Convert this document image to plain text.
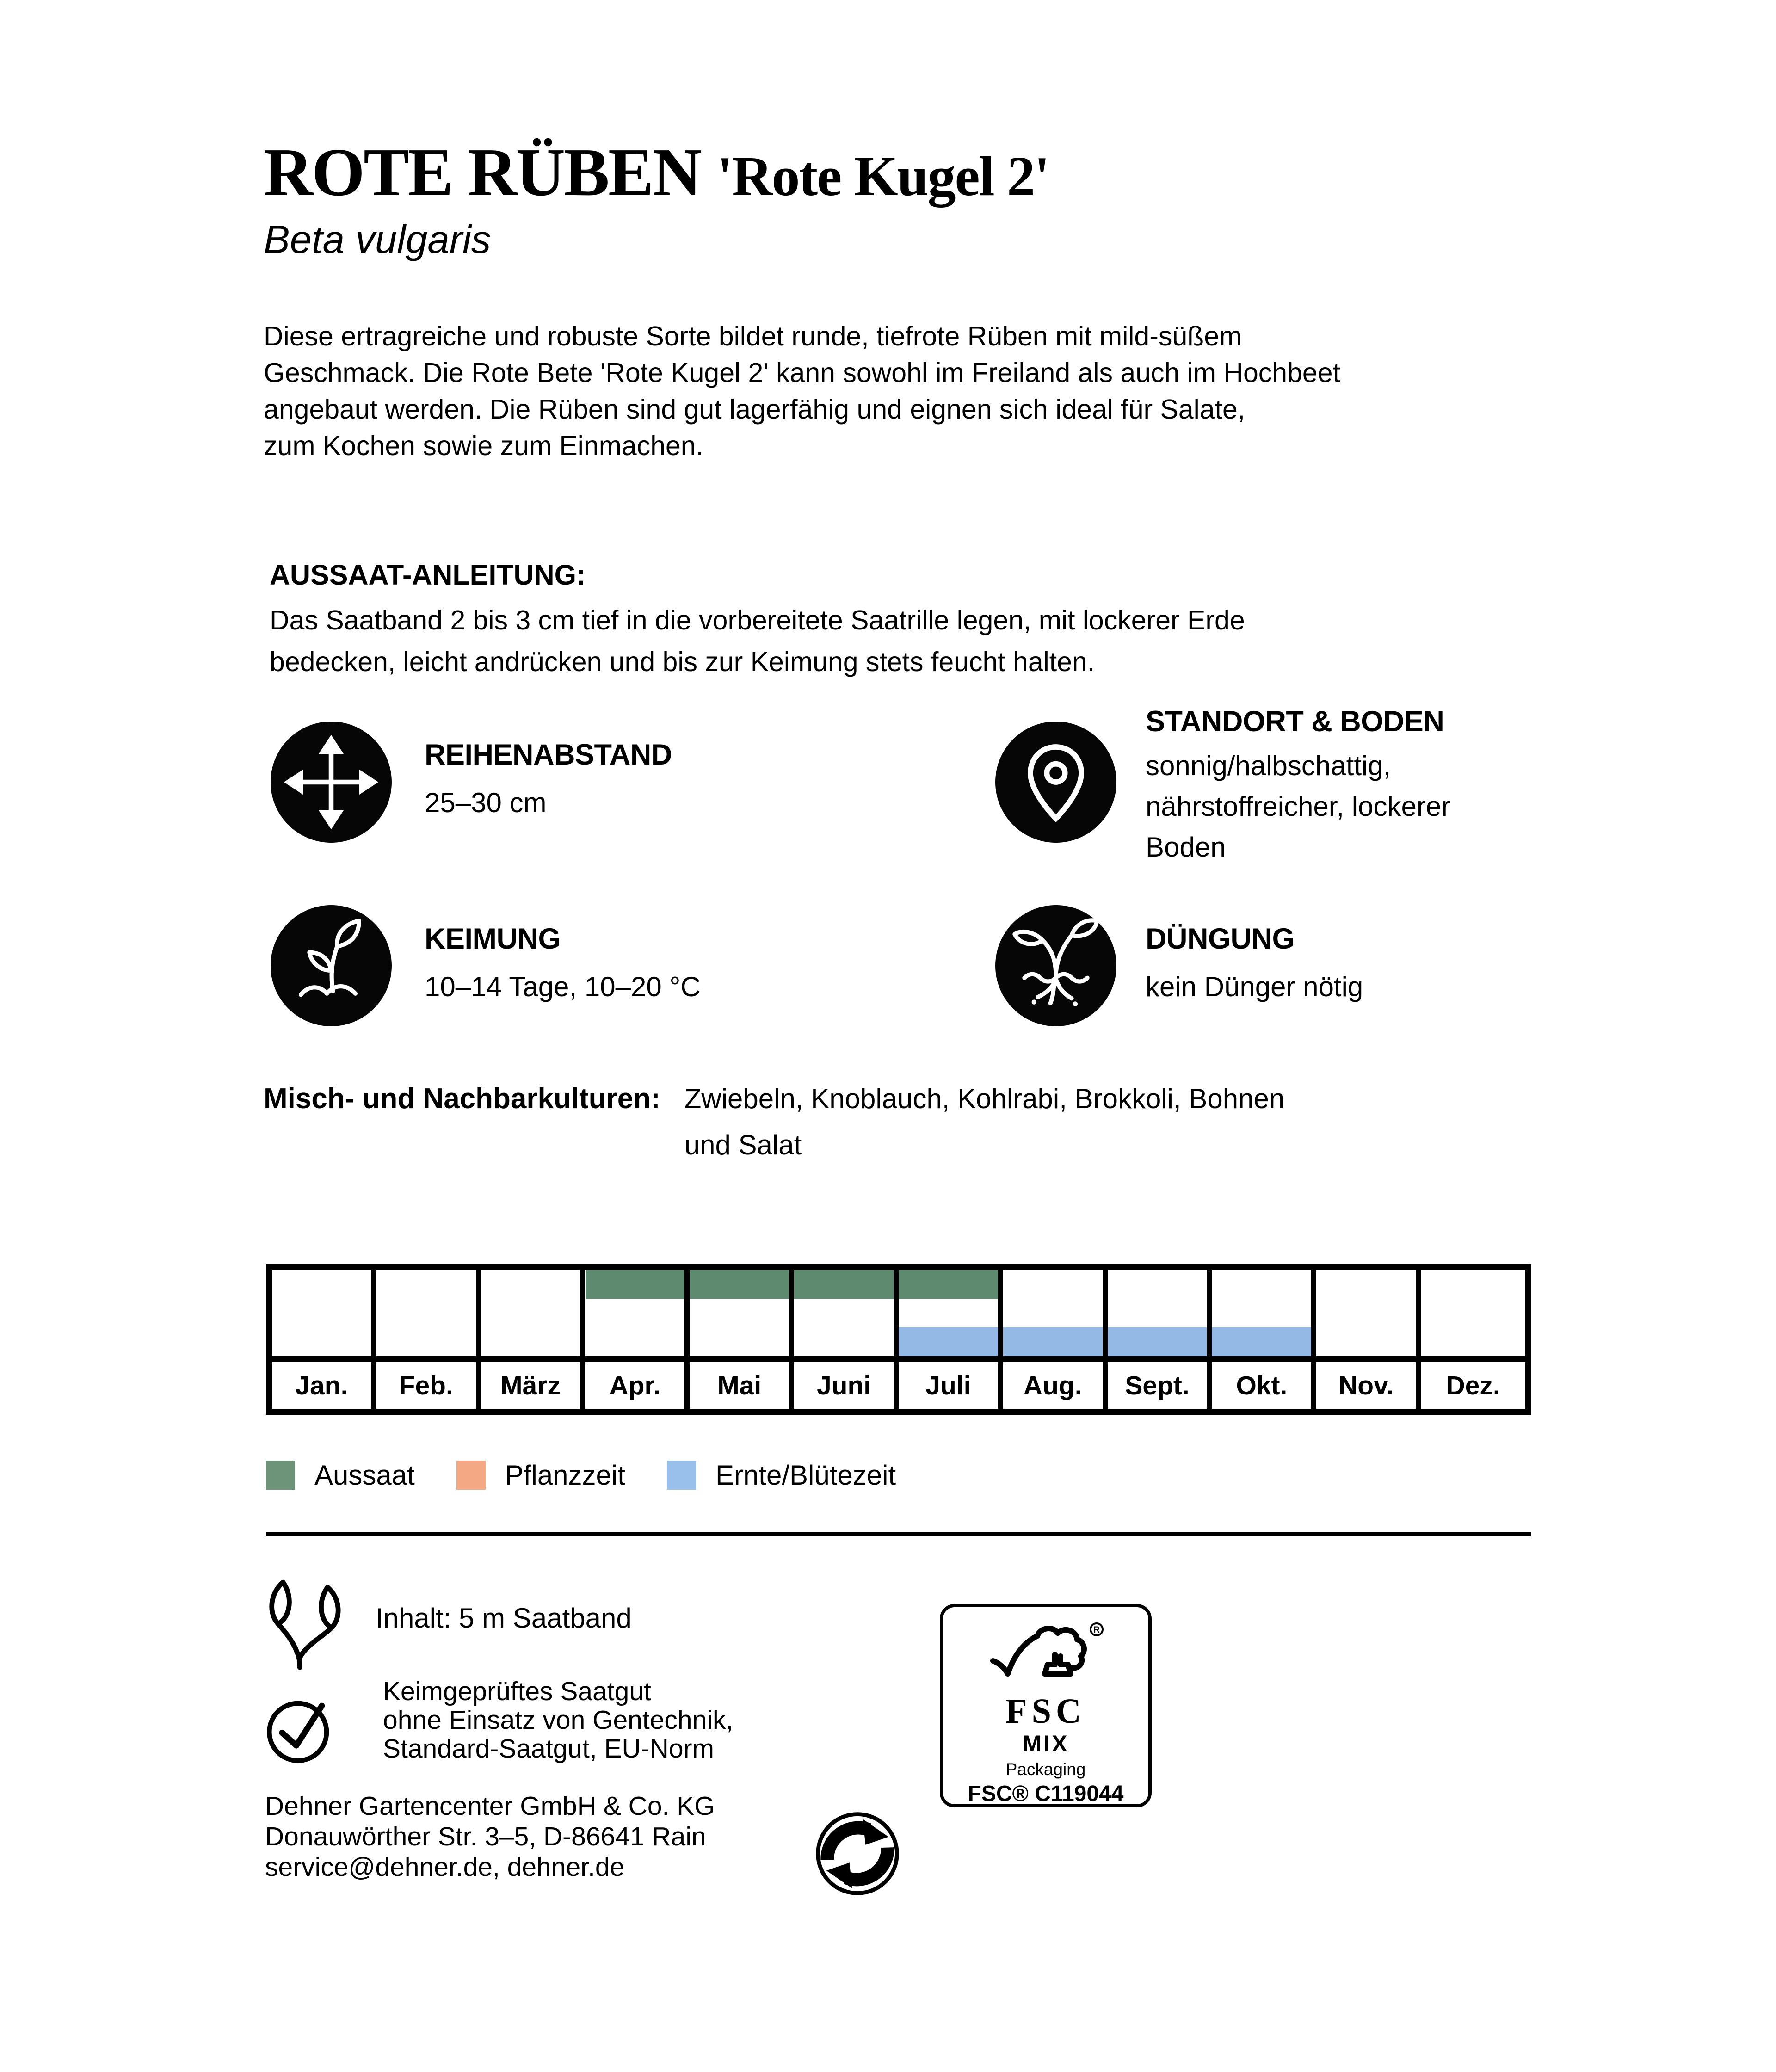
ROTE RÜBEN 'Rote Kugel 2'
Beta vulgaris
Diese ertragreiche und robuste Sorte bildet runde, tiefrote Rüben mit mild-süßem
Geschmack. Die Rote Bete 'Rote Kugel 2' kann sowohl im Freiland als auch im Hochbeet
angebaut werden. Die Rüben sind gut lagerfähig und eignen sich ideal für Salate,
zum Kochen sowie zum Einmachen.
AUSSAAT-ANLEITUNG:
Das Saatband 2 bis 3 cm tief in die vorbereitete Saatrille legen, mit lockerer Erde
bedecken, leicht andrücken und bis zur Keimung stets feucht halten.
REIHENABSTAND
25–30 cm
STANDORT & BODEN
sonnig/halbschattig,
nährstoffreicher, lockerer
Boden
KEIMUNG
10–14 Tage, 10–20 °C
DÜNGUNG
kein Dünger nötig
Misch- und Nachbarkulturen: Zwiebeln, Knoblauch, Kohlrabi, Brokkoli, Bohnen
und Salat
Jan.	Feb.	März	Apr.	Mai	Juni	Juli	Aug.	Sept.	Okt.	Nov.	Dez.
Aussaat	Pflanzzeit	Ernte/Blütezeit
Inhalt: 5 m Saatband
Keimgeprüftes Saatgut
ohne Einsatz von Gentechnik,
Standard-Saatgut, EU-Norm
Dehner Gartencenter GmbH & Co. KG
Donauwörther Str. 3–5, D-86641 Rain
service@dehner.de, dehner.de
R
FSC
MIX
Packaging
FSC® C119044
